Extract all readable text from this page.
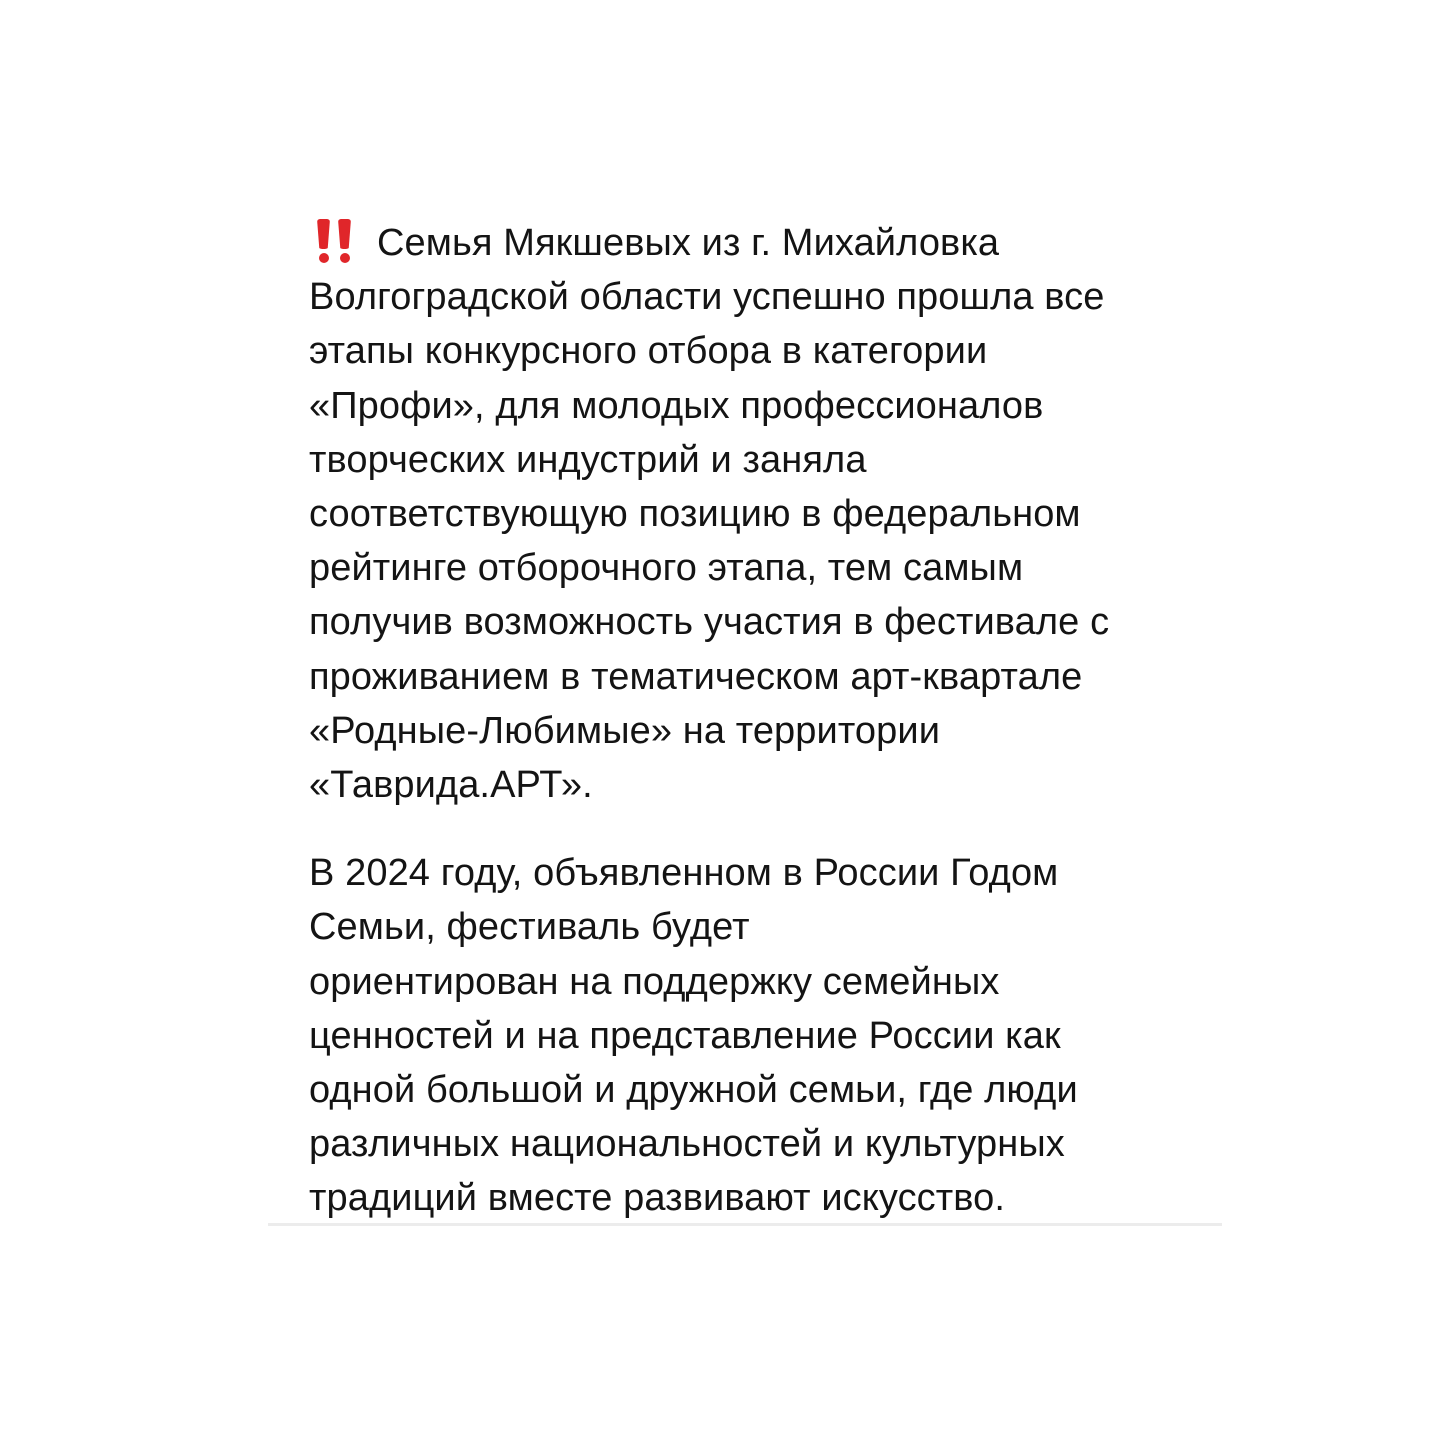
Семья Мякшевых из г. Михайловка
Волгоградской области успешно прошла все
этапы конкурсного отбора в категории
«Профи», для молодых профессионалов
творческих индустрий и заняла
соответствующую позицию в федеральном
рейтинге отборочного этапа, тем самым
получив возможность участия в фестивале с
проживанием в тематическом арт-квартале
«Родные-Любимые» на территории
«Таврида.АРТ».
В 2024 году, объявленном в России Годом
Семьи, фестиваль будет
ориентирован на поддержку семейных
ценностей и на представление России как
одной большой и дружной семьи, где люди
различных национальностей и культурных
традиций вместе развивают искусство.
